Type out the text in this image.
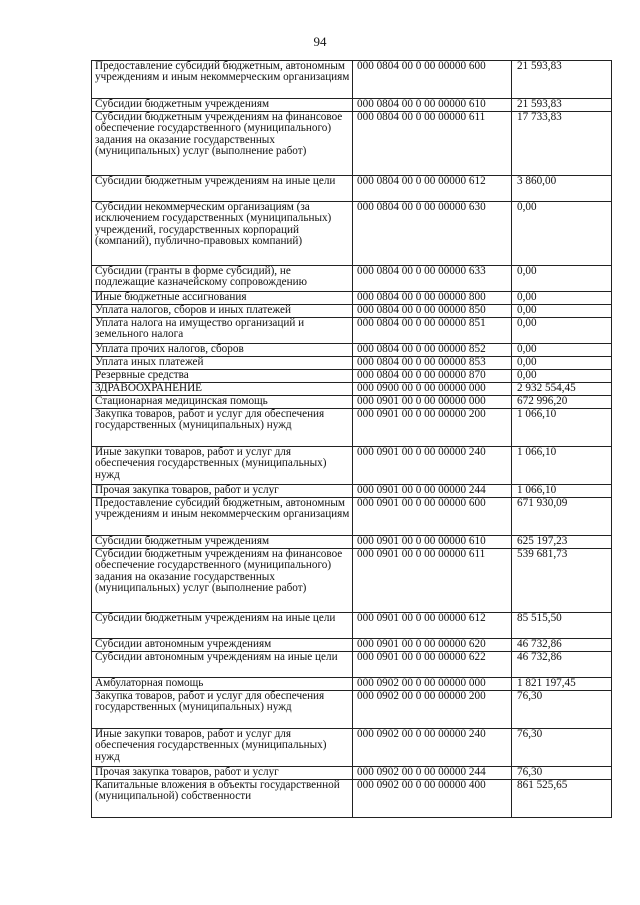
94
Предоставление субсидий бюджетным, автономным учреждениям и иным некоммерческим организациям	000 0804 00 0 00 00000 600	21 593,83
Субсидии бюджетным учреждениям	000 0804 00 0 00 00000 610	21 593,83
Субсидии бюджетным учреждениям на финансовое обеспечение государственного (муниципального) задания на оказание государственных (муниципальных) услуг (выполнение работ)	000 0804 00 0 00 00000 611	17 733,83
Субсидии бюджетным учреждениям на иные цели	000 0804 00 0 00 00000 612	3 860,00
Субсидии некоммерческим организациям (за исключением государственных (муниципальных) учреждений, государственных корпораций (компаний), публично-правовых компаний)	000 0804 00 0 00 00000 630	0,00
Субсидии (гранты в форме субсидий), не подлежащие казначейскому сопровождению	000 0804 00 0 00 00000 633	0,00
Иные бюджетные ассигнования	000 0804 00 0 00 00000 800	0,00
Уплата налогов, сборов и иных платежей	000 0804 00 0 00 00000 850	0,00
Уплата налога на имущество организаций и земельного налога	000 0804 00 0 00 00000 851	0,00
Уплата прочих налогов, сборов	000 0804 00 0 00 00000 852	0,00
Уплата иных платежей	000 0804 00 0 00 00000 853	0,00
Резервные средства	000 0804 00 0 00 00000 870	0,00
ЗДРАВООХРАНЕНИЕ	000 0900 00 0 00 00000 000	2 932 554,45
Стационарная медицинская помощь	000 0901 00 0 00 00000 000	672 996,20
Закупка товаров, работ и услуг для обеспечения государственных (муниципальных) нужд	000 0901 00 0 00 00000 200	1 066,10
Иные закупки товаров, работ и услуг для обеспечения государственных (муниципальных) нужд	000 0901 00 0 00 00000 240	1 066,10
Прочая закупка товаров, работ и услуг	000 0901 00 0 00 00000 244	1 066,10
Предоставление субсидий бюджетным, автономным учреждениям и иным некоммерческим организациям	000 0901 00 0 00 00000 600	671 930,09
Субсидии бюджетным учреждениям	000 0901 00 0 00 00000 610	625 197,23
Субсидии бюджетным учреждениям на финансовое обеспечение государственного (муниципального) задания на оказание государственных (муниципальных) услуг (выполнение работ)	000 0901 00 0 00 00000 611	539 681,73
Субсидии бюджетным учреждениям на иные цели	000 0901 00 0 00 00000 612	85 515,50
Субсидии автономным учреждениям	000 0901 00 0 00 00000 620	46 732,86
Субсидии автономным учреждениям на иные цели	000 0901 00 0 00 00000 622	46 732,86
Амбулаторная помощь	000 0902 00 0 00 00000 000	1 821 197,45
Закупка товаров, работ и услуг для обеспечения государственных (муниципальных) нужд	000 0902 00 0 00 00000 200	76,30
Иные закупки товаров, работ и услуг для обеспечения государственных (муниципальных) нужд	000 0902 00 0 00 00000 240	76,30
Прочая закупка товаров, работ и услуг	000 0902 00 0 00 00000 244	76,30
Капитальные вложения в объекты государственной (муниципальной) собственности	000 0902 00 0 00 00000 400	861 525,65
